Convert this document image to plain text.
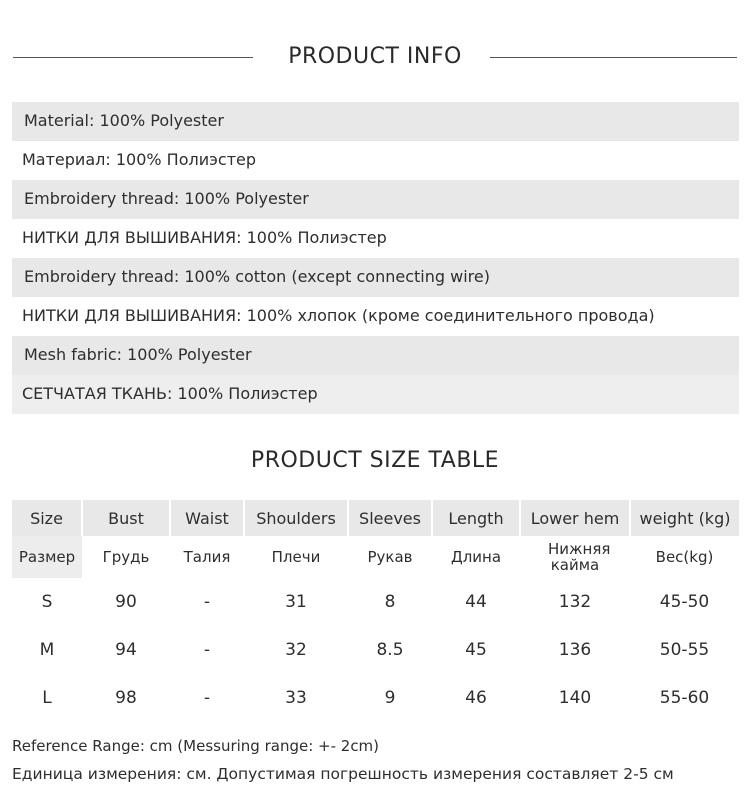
PRODUCT INFO
Material: 100% Polyester
Материал: 100% Полиэстер
Embroidery thread: 100% Polyester
НИТКИ ДЛЯ ВЫШИВАНИЯ: 100% Полиэстер
Embroidery thread: 100% cotton (except connecting wire)
НИТКИ ДЛЯ ВЫШИВАНИЯ: 100% хлопок (кроме соединительного провода)
Mesh fabric: 100% Polyester
СЕТЧАТАЯ ТКАНЬ: 100% Полиэстер
PRODUCT SIZE TABLE
Size	Bust	Waist	Shoulders	Sleeves	Length	Lower hem	weight (kg)
Размер	Грудь	Талия	Плечи	Рукав	Длина	Нижняя кайма	Вес(kg)
S	90	-	31	8	44	132	45-50
M	94	-	32	8.5	45	136	50-55
L	98	-	33	9	46	140	55-60
Reference Range: cm (Messuring range: +- 2cm)
Единица измерения: см. Допустимая погрешность измерения составляет 2-5 см
